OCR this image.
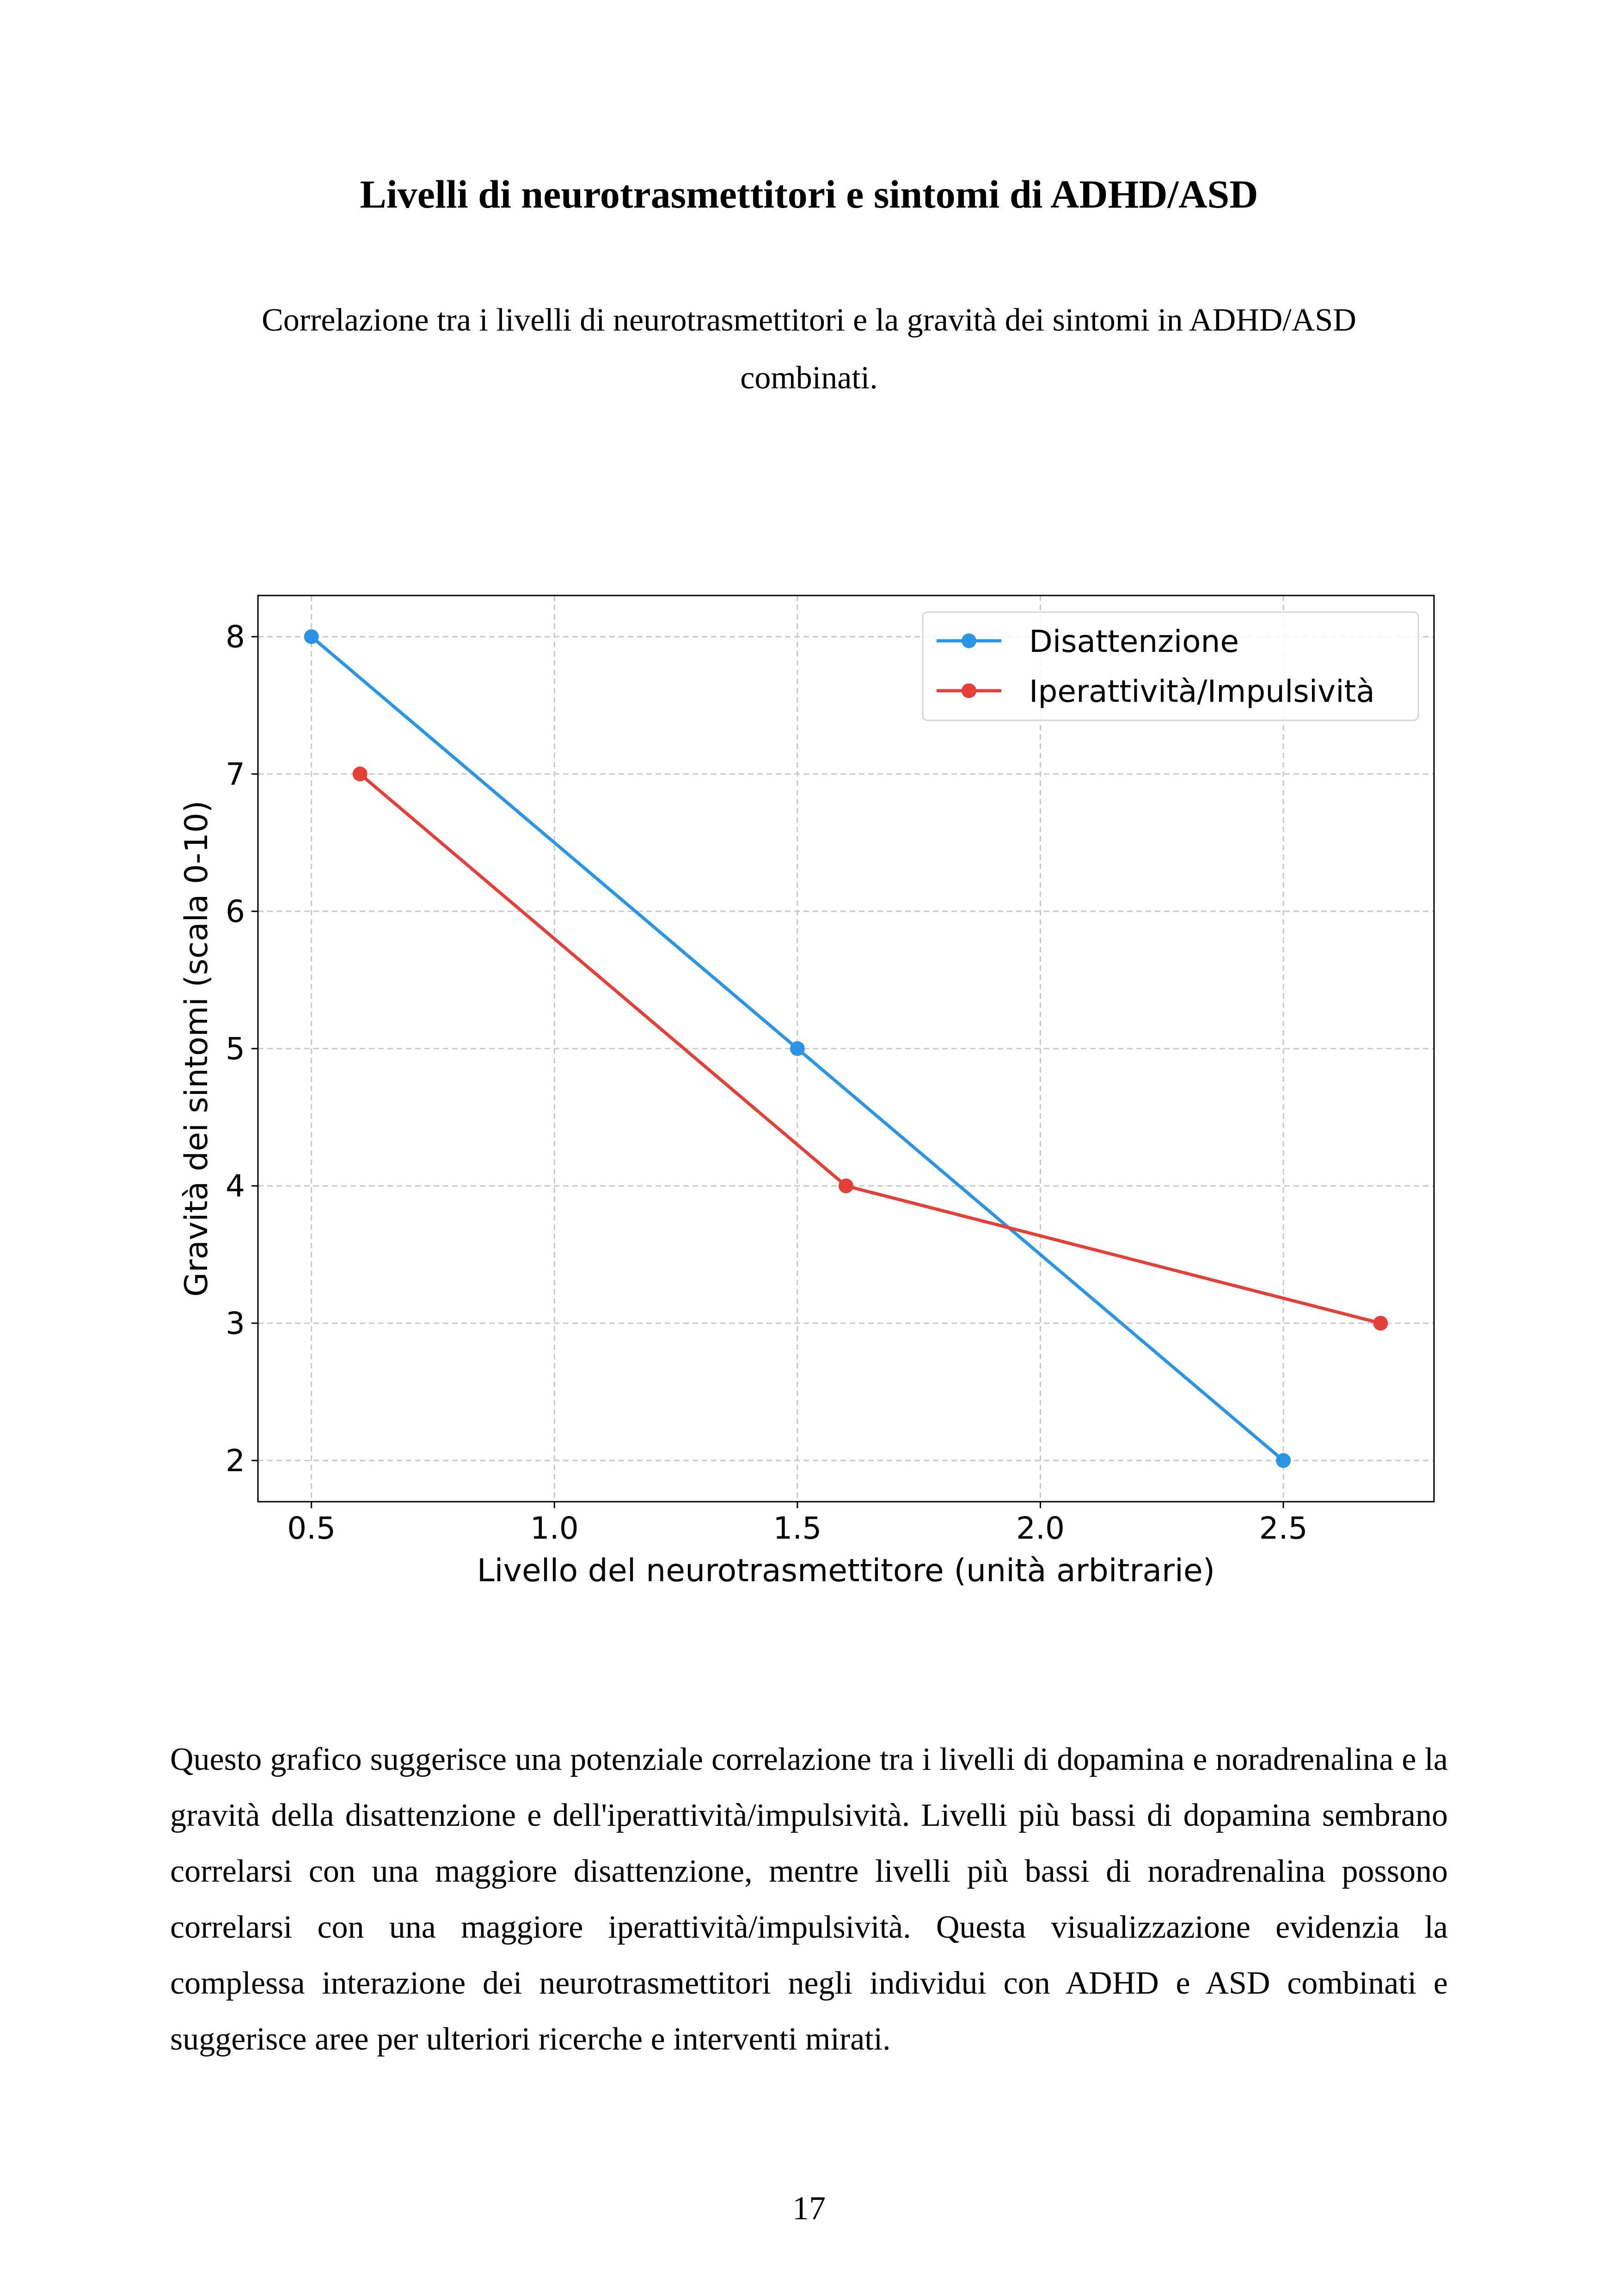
Livelli di neurotrasmettitori e sintomi di ADHD/ASD

Correlazione tra i livelli di neurotrasmettitori e la gravità dei sintomi in ADHD/ASD combinati.

0.5	1.0	1.5	2.0	2.5
2
3
4
5
6
7
8
Livello del neurotrasmettitore (unità arbitrarie)
Gravità dei sintomi (scala 0-10)
Disattenzione
Iperattività/Impulsività

Questo grafico suggerisce una potenziale correlazione tra i livelli di dopamina e noradrenalina e la gravità della disattenzione e dell'iperattività/impulsività. Livelli più bassi di dopamina sembrano correlarsi con una maggiore disattenzione, mentre livelli più bassi di noradrenalina possono correlarsi con una maggiore iperattività/impulsività. Questa visualizzazione evidenzia la complessa interazione dei neurotrasmettitori negli individui con ADHD e ASD combinati e suggerisce aree per ulteriori ricerche e interventi mirati.

17
